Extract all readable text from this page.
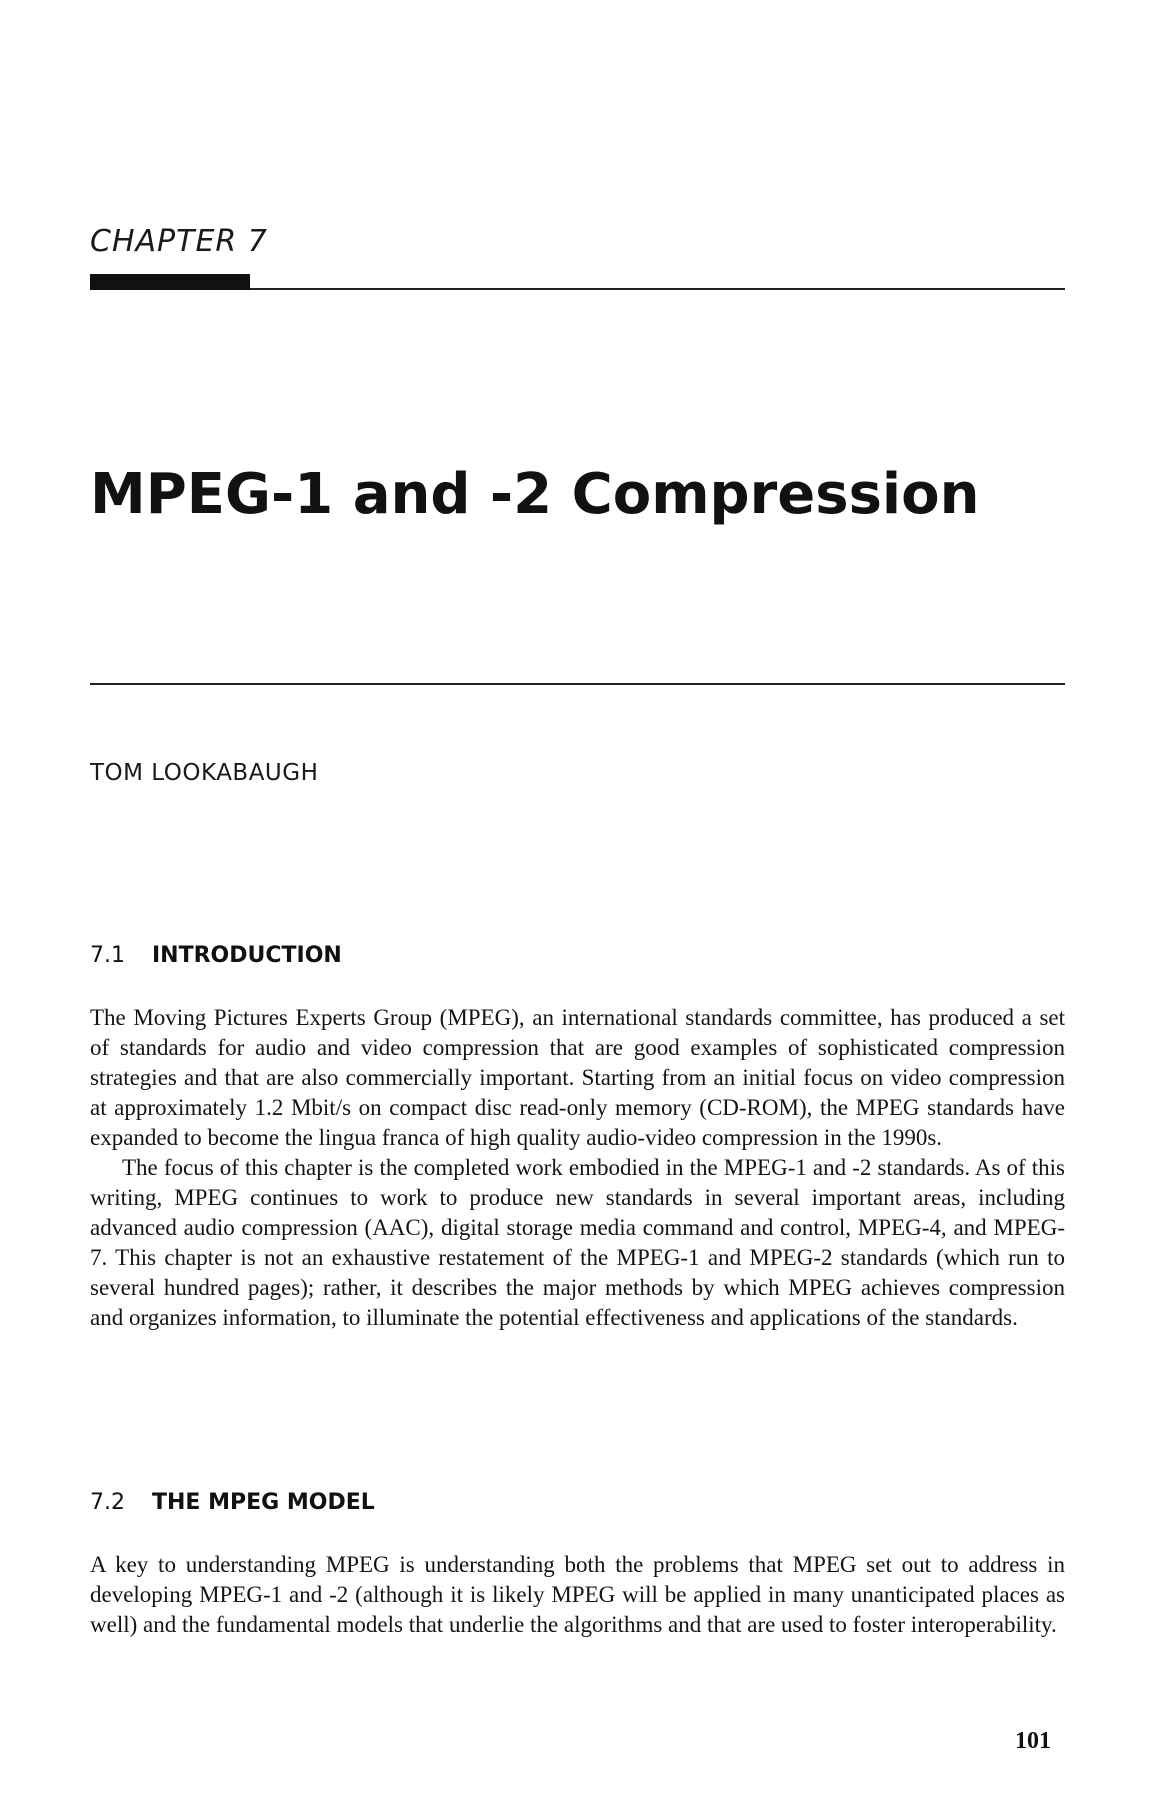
CHAPTER 7
MPEG-1 and -2 Compression
TOM LOOKABAUGH
7.1 INTRODUCTION

The Moving Pictures Experts Group (MPEG), an international standards committee, has produced a set of standards for audio and video compression that are good examples of sophisticated compression strategies and that are also commercially important. Starting from an initial focus on video compression at approximately 1.2 Mbit/s on compact disc read-only memory (CD-ROM), the MPEG standards have expanded to become the lingua franca of high quality audio-video compression in the 1990s.

The focus of this chapter is the completed work embodied in the MPEG-1 and -2 standards. As of this writing, MPEG continues to work to produce new standards in several important areas, including advanced audio compression (AAC), digital storage media command and control, MPEG-4, and MPEG-7. This chapter is not an exhaustive restatement of the MPEG-1 and MPEG-2 standards (which run to several hundred pages); rather, it describes the major methods by which MPEG achieves compression and organizes information, to illuminate the potential effectiveness and applications of the standards.

7.2 THE MPEG MODEL

A key to understanding MPEG is understanding both the problems that MPEG set out to address in developing MPEG-1 and -2 (although it is likely MPEG will be applied in many unanticipated places as well) and the fundamental models that underlie the algorithms and that are used to foster interoperability.

101
